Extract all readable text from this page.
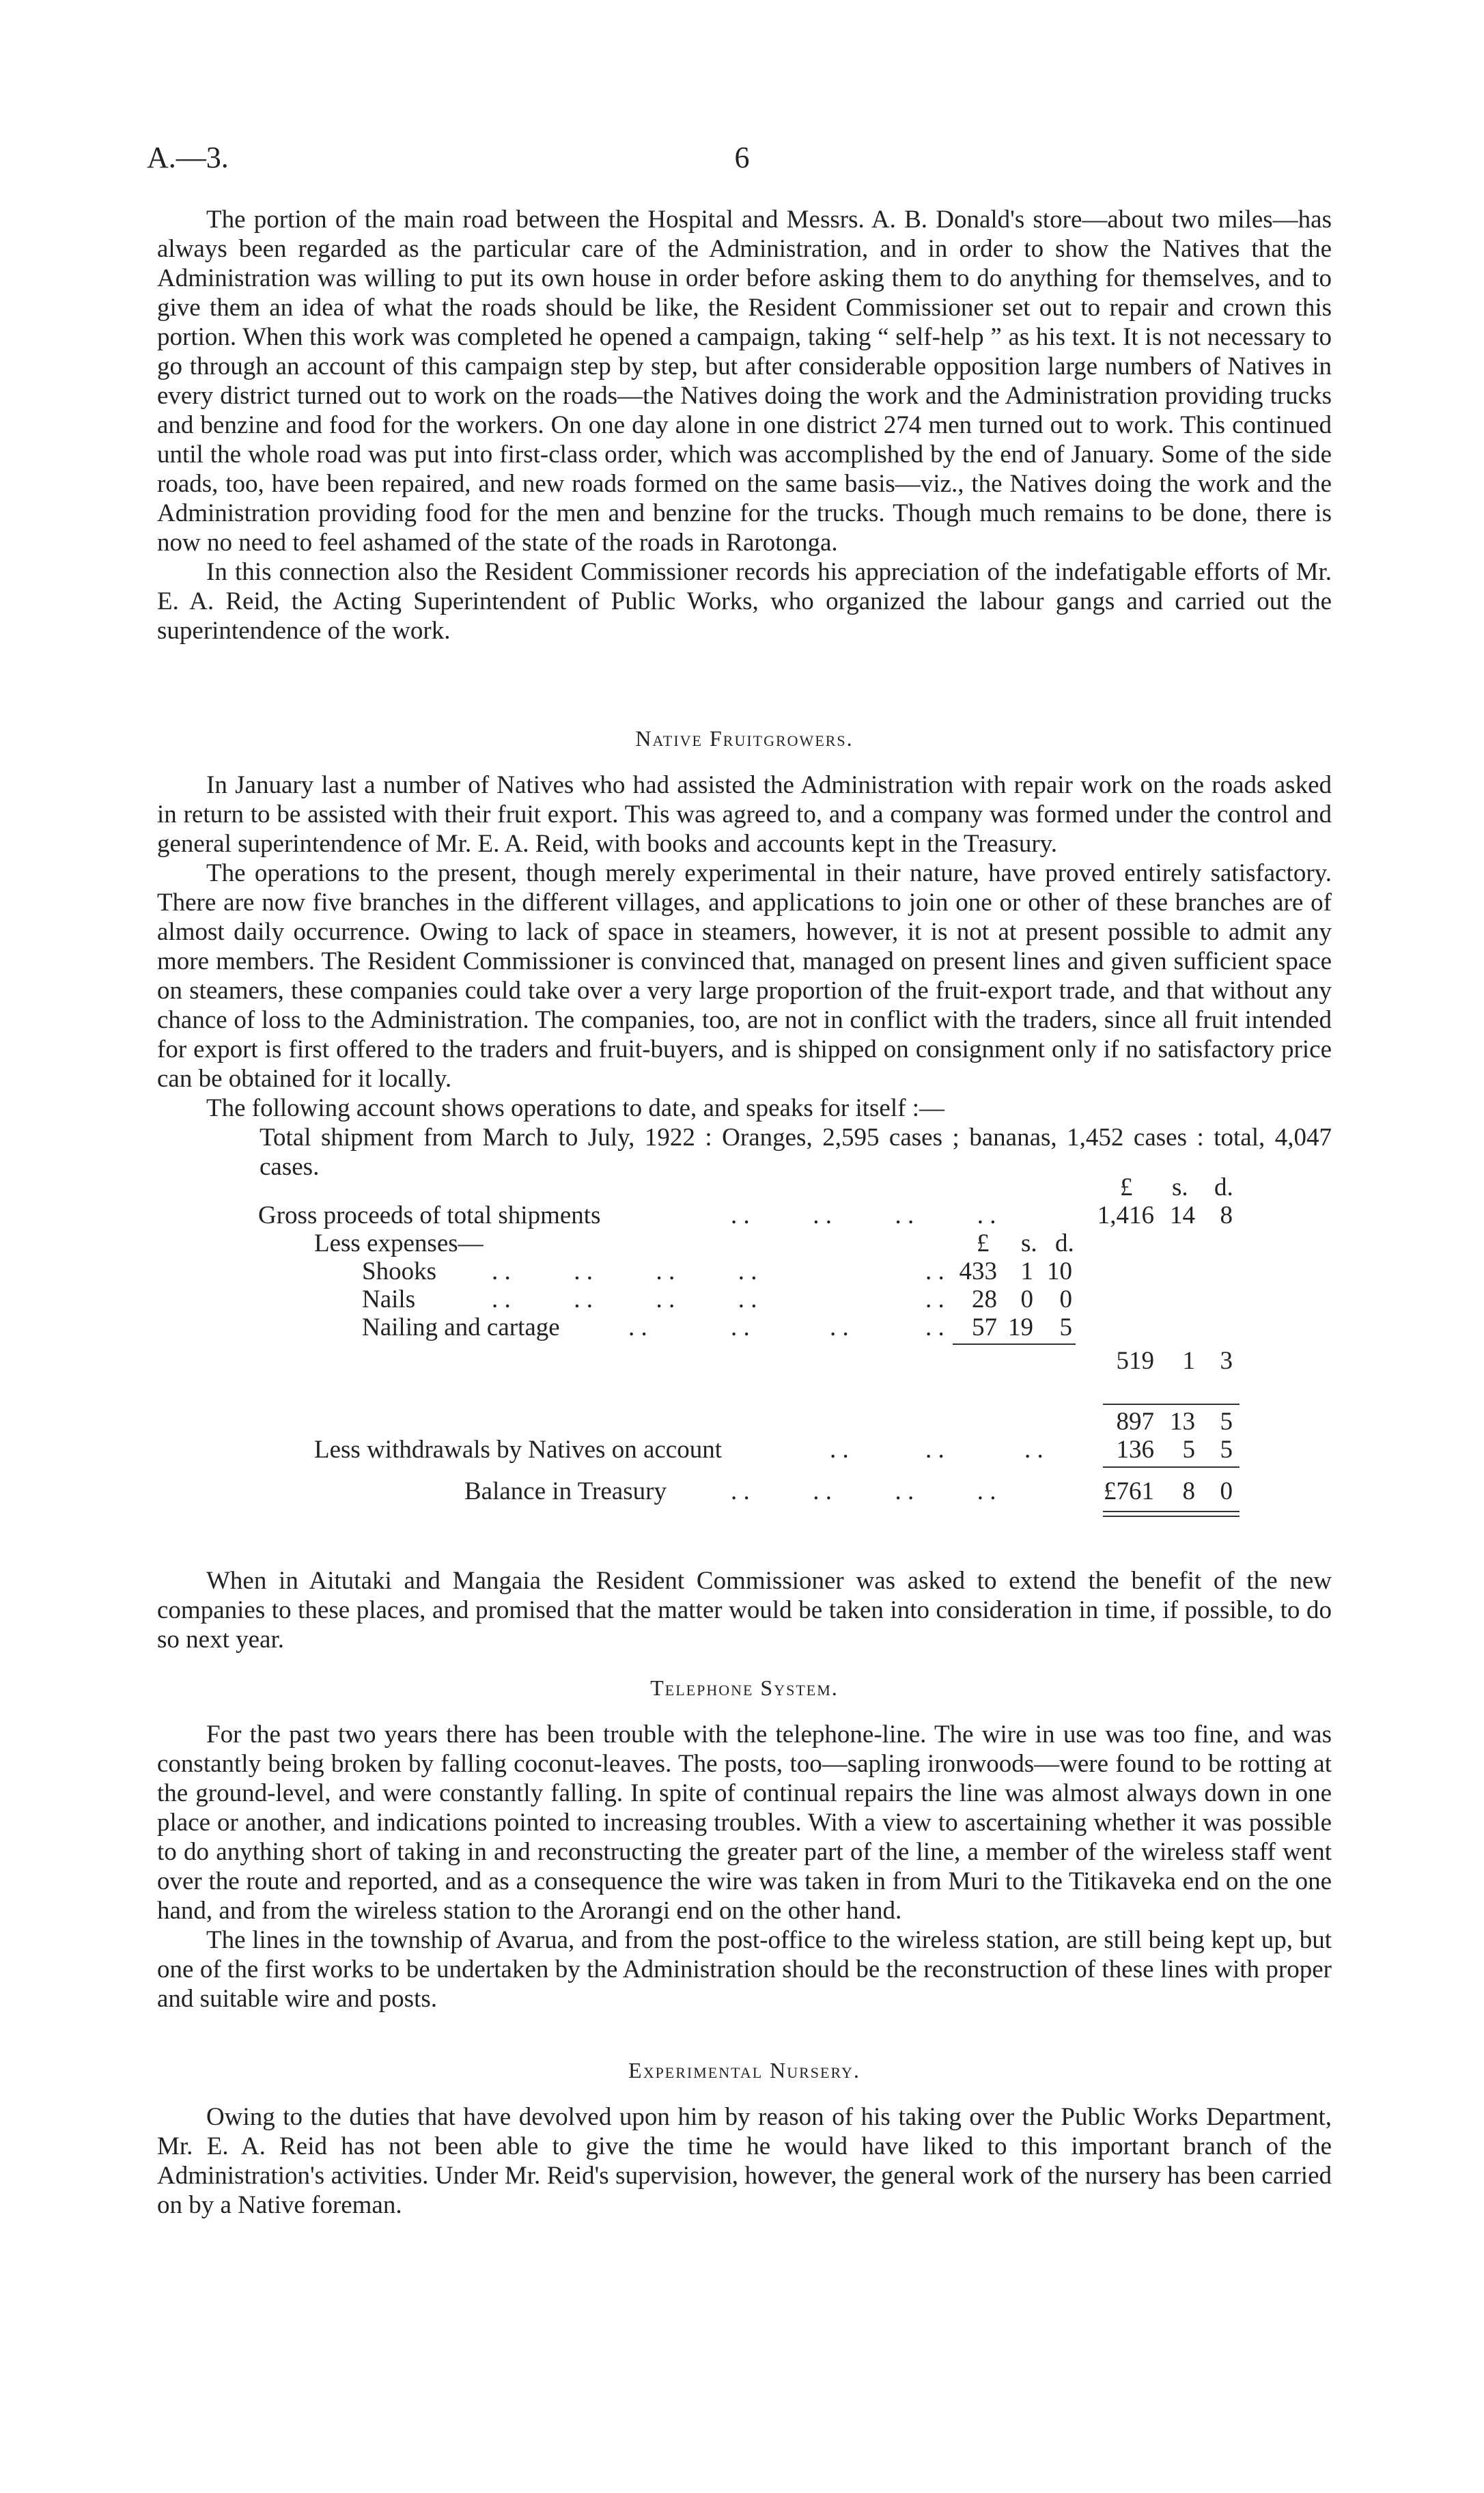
A.—3.	6

The portion of the main road between the Hospital and Messrs. A. B. Donald's store—about two miles—has always been regarded as the particular care of the Administration, and in order to show the Natives that the Administration was willing to put its own house in order before asking them to do anything for themselves, and to give them an idea of what the roads should be like, the Resident Commissioner set out to repair and crown this portion. When this work was completed he opened a campaign, taking “ self-help ” as his text. It is not necessary to go through an account of this campaign step by step, but after considerable opposition large numbers of Natives in every district turned out to work on the roads—the Natives doing the work and the Administration providing trucks and benzine and food for the workers. On one day alone in one district 274 men turned out to work. This continued until the whole road was put into first-class order, which was accomplished by the end of January. Some of the side roads, too, have been repaired, and new roads formed on the same basis—viz., the Natives doing the work and the Administration providing food for the men and benzine for the trucks. Though much remains to be done, there is now no need to feel ashamed of the state of the roads in Rarotonga.

In this connection also the Resident Commissioner records his appreciation of the indefatigable efforts of Mr. E. A. Reid, the Acting Superintendent of Public Works, who organized the labour gangs and carried out the superintendence of the work.

Native Fruitgrowers.

In January last a number of Natives who had assisted the Administration with repair work on the roads asked in return to be assisted with their fruit export. This was agreed to, and a company was formed under the control and general superintendence of Mr. E. A. Reid, with books and accounts kept in the Treasury.

The operations to the present, though merely experimental in their nature, have proved entirely satisfactory. There are now five branches in the different villages, and applications to join one or other of these branches are of almost daily occurrence. Owing to lack of space in steamers, however, it is not at present possible to admit any more members. The Resident Commissioner is convinced that, managed on present lines and given sufficient space on steamers, these companies could take over a very large proportion of the fruit-export trade, and that without any chance of loss to the Administration. The companies, too, are not in conflict with the traders, since all fruit intended for export is first offered to the traders and fruit-buyers, and is shipped on consignment only if no satisfactory price can be obtained for it locally.

The following account shows operations to date, and speaks for itself :—

Total shipment from March to July, 1922 : Oranges, 2,595 cases ; bananas, 1,452 cases : total, 4,047 cases.

£ s. d.
Gross proceeds of total shipments	. .          . .          . .          . .	1,416 14 8
Less expenses—	£ s. d.
Shooks . .          . .          . .          . .	. . 433 1 10
Nails	. .          . .          . .          . .	. .	28 0	0
Nailing and cartage	. .	. .	. .	. .	57 19	5
519	1 3
897 13 5
Less withdrawals by Natives on account	. .	. .	. .	136	5 5
Balance in Treasury	. .          . .          . .          . .	£761	8 0

When in Aitutaki and Mangaia the Resident Commissioner was asked to extend the benefit of the new companies to these places, and promised that the matter would be taken into consideration in time, if possible, to do so next year.

Telephone System.

For the past two years there has been trouble with the telephone-line. The wire in use was too fine, and was constantly being broken by falling coconut-leaves. The posts, too—sapling ironwoods—were found to be rotting at the ground-level, and were constantly falling. In spite of continual repairs the line was almost always down in one place or another, and indications pointed to increasing troubles. With a view to ascertaining whether it was possible to do anything short of taking in and reconstructing the greater part of the line, a member of the wireless staff went over the route and reported, and as a consequence the wire was taken in from Muri to the Titikaveka end on the one hand, and from the wireless station to the Arorangi end on the other hand.

The lines in the township of Avarua, and from the post-office to the wireless station, are still being kept up, but one of the first works to be undertaken by the Administration should be the reconstruction of these lines with proper and suitable wire and posts.

Experimental Nursery.

Owing to the duties that have devolved upon him by reason of his taking over the Public Works Department, Mr. E. A. Reid has not been able to give the time he would have liked to this important branch of the Administration's activities. Under Mr. Reid's supervision, however, the general work of the nursery has been carried on by a Native foreman.
